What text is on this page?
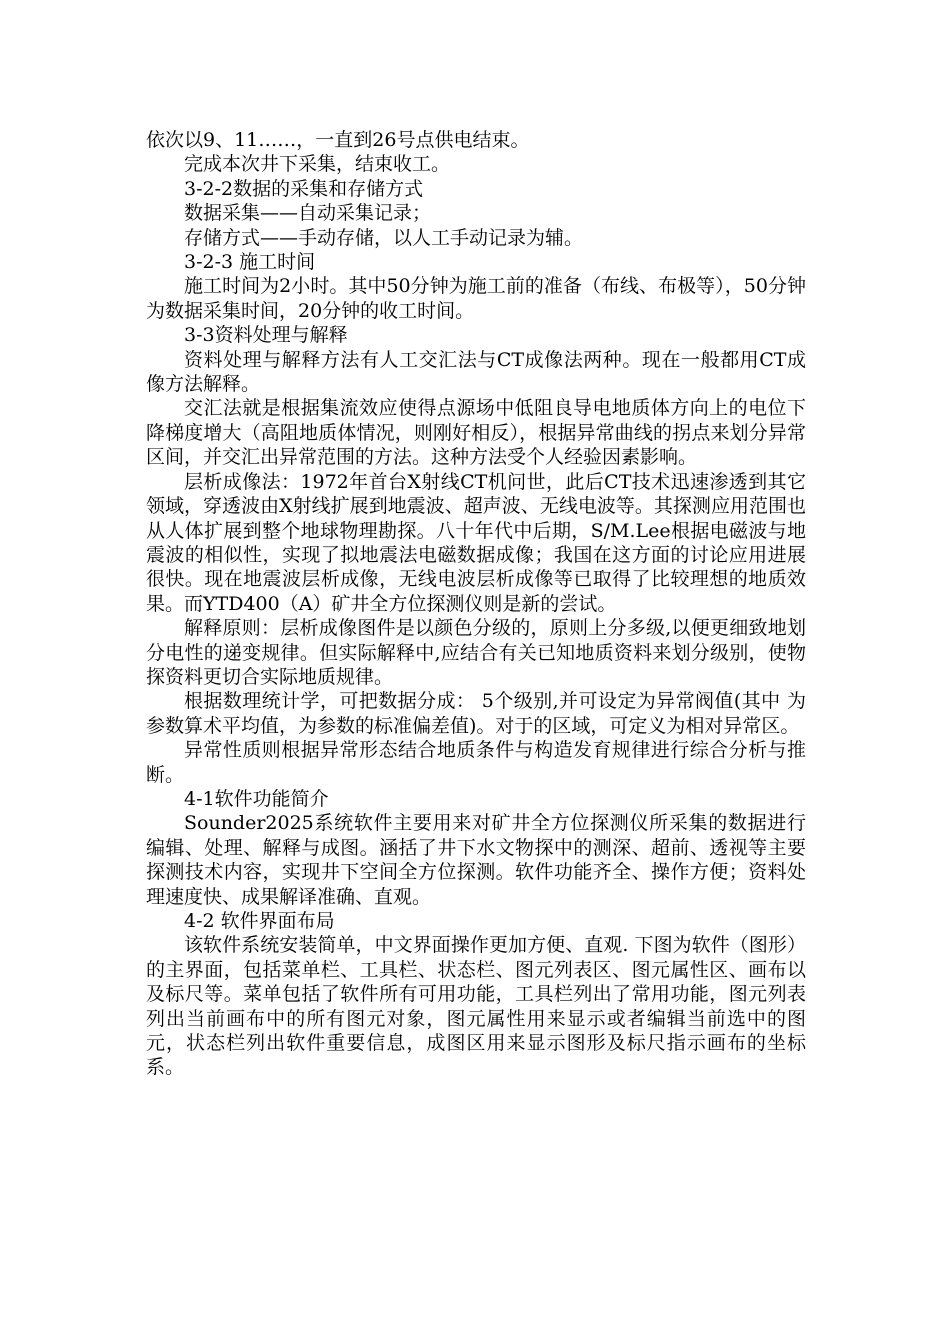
依次以9、11……，一直到26号点供电结束。

完成本次井下采集，结束收工。

3-2-2数据的采集和存储方式

数据采集——自动采集记录；

存储方式——手动存储，以人工手动记录为辅。

3-2-3 施工时间

施工时间为2小时。其中50分钟为施工前的准备（布线、布极等），50分钟为数据采集时间，20分钟的收工时间。

3-3资料处理与解释

资料处理与解释方法有人工交汇法与CT成像法两种。现在一般都用CT成像方法解释。

交汇法就是根据集流效应使得点源场中低阻良导电地质体方向上的电位下降梯度增大（高阻地质体情况，则刚好相反），根据异常曲线的拐点来划分异常区间，并交汇出异常范围的方法。这种方法受个人经验因素影响。

层析成像法：1972年首台X射线CT机问世，此后CT技术迅速渗透到其它领域，穿透波由X射线扩展到地震波、超声波、无线电波等。其探测应用范围也从人体扩展到整个地球物理勘探。八十年代中后期，S/M.Lee根据电磁波与地震波的相似性，实现了拟地震法电磁数据成像；我国在这方面的讨论应用进展很快。现在地震波层析成像，无线电波层析成像等已取得了比较理想的地质效果。而YTD400（A）矿井全方位探测仪则是新的尝试。

解释原则：层析成像图件是以颜色分级的，原则上分多级,以便更细致地划分电性的递变规律。但实际解释中,应结合有关已知地质资料来划分级别，使物探资料更切合实际地质规律。

根据数理统计学，可把数据分成： 5个级别,并可设定为异常阀值(其中 为参数算术平均值，为参数的标准偏差值)。对于的区域，可定义为相对异常区。

异常性质则根据异常形态结合地质条件与构造发育规律进行综合分析与推断。

4-1软件功能简介

Sounder2025系统软件主要用来对矿井全方位探测仪所采集的数据进行编辑、处理、解释与成图。涵括了井下水文物探中的测深、超前、透视等主要探测技术内容，实现井下空间全方位探测。软件功能齐全、操作方便；资料处理速度快、成果解译准确、直观。

4-2 软件界面布局

该软件系统安装简单，中文界面操作更加方便、直观. 下图为软件（图形）的主界面，包括菜单栏、工具栏、状态栏、图元列表区、图元属性区、画布以及标尺等。菜单包括了软件所有可用功能，工具栏列出了常用功能，图元列表列出当前画布中的所有图元对象，图元属性用来显示或者编辑当前选中的图元，状态栏列出软件重要信息，成图区用来显示图形及标尺指示画布的坐标系。
